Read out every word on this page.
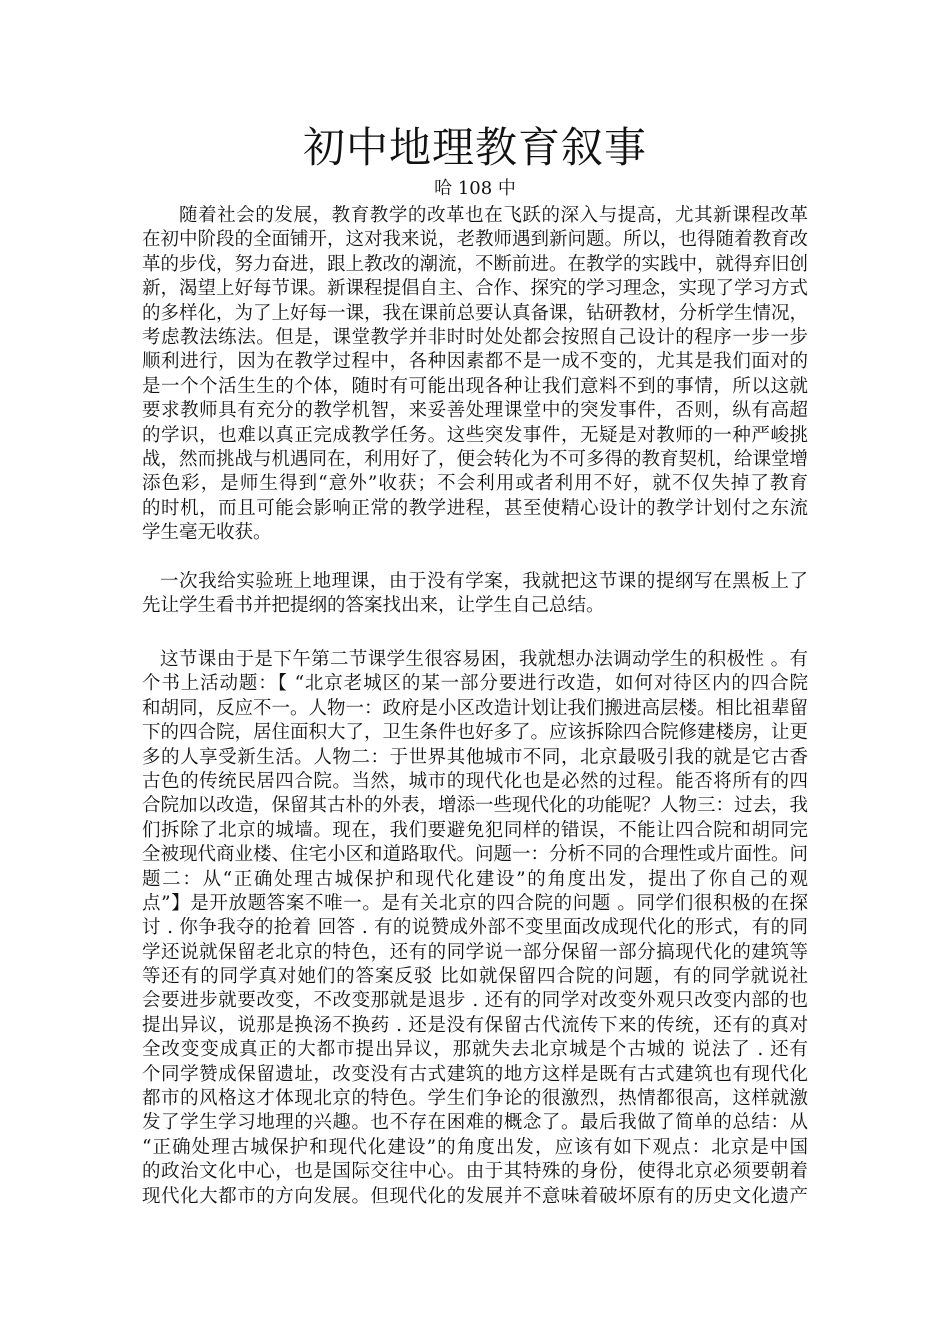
初中地理教育叙事
哈 108 中
随着社会的发展，教育教学的改革也在飞跃的深入与提高，尤其新课程改革
在初中阶段的全面铺开，这对我来说，老教师遇到新问题。所以，也得随着教育改
革的步伐，努力奋进，跟上教改的潮流，不断前进。在教学的实践中，就得弃旧创
新，渴望上好每节课。新课程提倡自主、合作、探究的学习理念，实现了学习方式
的多样化，为了上好每一课，我在课前总要认真备课，钻研教材，分析学生情况，
考虑教法练法。但是，课堂教学并非时时处处都会按照自己设计的程序一步一步
顺利进行，因为在教学过程中，各种因素都不是一成不变的，尤其是我们面对的
是一个个活生生的个体，随时有可能出现各种让我们意料不到的事情，所以这就
要求教师具有充分的教学机智，来妥善处理课堂中的突发事件，否则，纵有高超
的学识，也难以真正完成教学任务。这些突发事件，无疑是对教师的一种严峻挑
战，然而挑战与机遇同在，利用好了，便会转化为不可多得的教育契机，给课堂增
添色彩，是师生得到“意外”收获；不会利用或者利用不好，就不仅失掉了教育
的时机，而且可能会影响正常的教学进程，甚至使精心设计的教学计划付之东流
学生毫无收获。
一次我给实验班上地理课，由于没有学案，我就把这节课的提纲写在黑板上了
先让学生看书并把提纲的答案找出来，让学生自己总结。
这节课由于是下午第二节课学生很容易困，我就想办法调动学生的积极性 。有
个书上活动题：【 “北京老城区的某一部分要进行改造，如何对待区内的四合院
和胡同，反应不一。人物一：政府是小区改造计划让我们搬进高层楼。相比祖辈留
下的四合院，居住面积大了，卫生条件也好多了。应该拆除四合院修建楼房，让更
多的人享受新生活。人物二：于世界其他城市不同，北京最吸引我的就是它古香
古色的传统民居四合院。当然，城市的现代化也是必然的过程。能否将所有的四
合院加以改造，保留其古朴的外表，增添一些现代化的功能呢？人物三：过去，我
们拆除了北京的城墙。现在，我们要避免犯同样的错误，不能让四合院和胡同完
全被现代商业楼、住宅小区和道路取代。问题一：分析不同的合理性或片面性。问
题二：从“正确处理古城保护和现代化建设”的角度出发，提出了你自己的观
点”】是开放题答案不唯一。是有关北京的四合院的问题 。同学们很积极的在探
讨 . 你争我夺的抢着 回答 . 有的说赞成外部不变里面改成现代化的形式，有的同
学还说就保留老北京的特色，还有的同学说一部分保留一部分搞现代化的建筑等
等还有的同学真对她们的答案反驳 比如就保留四合院的问题，有的同学就说社
会要进步就要改变，不改变那就是退步 . 还有的同学对改变外观只改变内部的也
提出异议，说那是换汤不换药 . 还是没有保留古代流传下来的传统，还有的真对
全改变变成真正的大都市提出异议，那就失去北京城是个古城的 说法了 . 还有
个同学赞成保留遗址，改变没有古式建筑的地方这样是既有古式建筑也有现代化
都市的风格这才体现北京的特色。学生们争论的很激烈，热情都很高，这样就激
发了学生学习地理的兴趣。也不存在困难的概念了。最后我做了简单的总结：从
“正确处理古城保护和现代化建设”的角度出发，应该有如下观点：北京是中国
的政治文化中心，也是国际交往中心。由于其特殊的身份，使得北京必须要朝着
现代化大都市的方向发展。但现代化的发展并不意味着破坏原有的历史文化遗产
